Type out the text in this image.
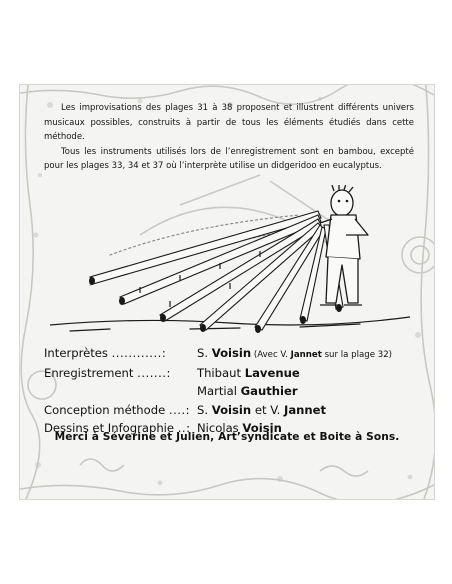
Les improvisations des plages 31 à 38 proposent et illustrent différents univers musicaux possibles, construits à partir de tous les éléments étudiés dans cette méthode.

Tous les instruments utilisés lors de l’enregistrement sont en bambou, excepté pour les plages 33, 34 et 37 où l’interprète utilise un didgeridoo en eucalyptus.

Interprètes ............:	S. Voisin (Avec V. Jannet sur la plage 32)
Enregistrement .......:	Thibaut Lavenue
Martial Gauthier
Conception méthode ....: S. Voisin et V. Jannet
Dessins et Infographie ..: Nicolas Voisin
Merci à Séverine et Julien, Art’syndicate et Boite à Sons.
